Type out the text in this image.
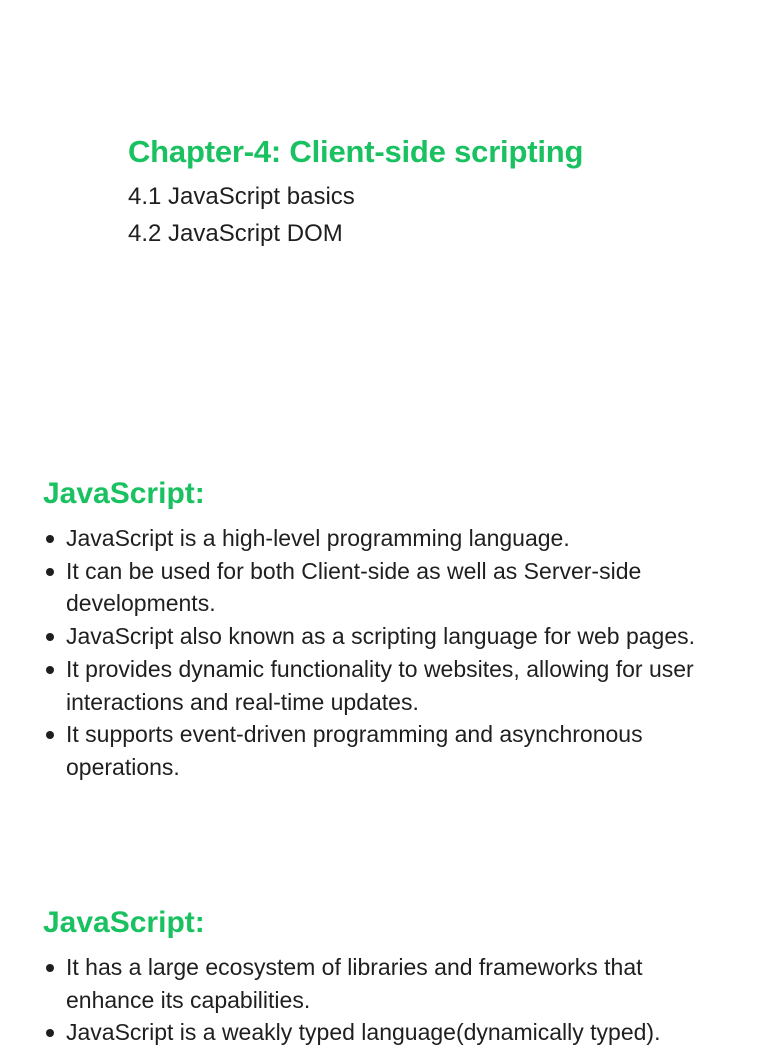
Chapter-4: Client-side scripting
4.1 JavaScript basics
4.2 JavaScript DOM
JavaScript:
JavaScript is a high-level programming language.
It can be used for both Client-side as well as Server-side developments.
JavaScript also known as a scripting language for web pages.
It provides dynamic functionality to websites, allowing for user interactions and real-time updates.
It supports event-driven programming and asynchronous operations.
JavaScript:
It has a large ecosystem of libraries and frameworks that enhance its capabilities.
JavaScript is a weakly typed language(dynamically typed).
